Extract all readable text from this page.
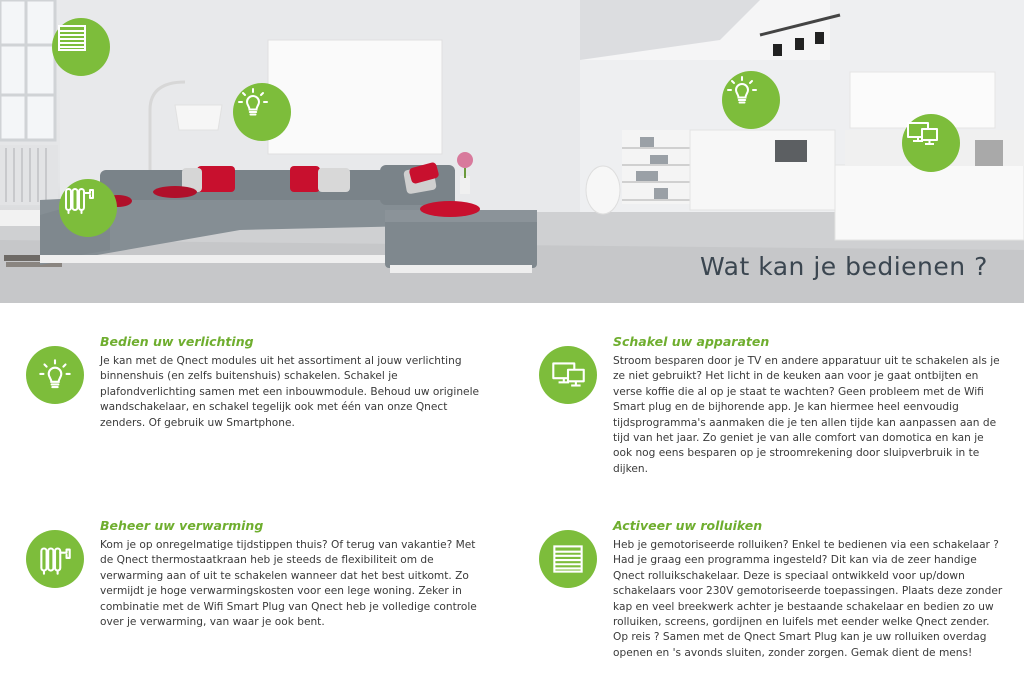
Wat kan je bedienen ?
Bedien uw verlichting
Je kan met de Qnect modules uit het assortiment al jouw verlichting binnenshuis (en zelfs buitenshuis) schakelen. Schakel je plafondverlichting samen met een inbouwmodule. Behoud uw originele wandschakelaar, en schakel tegelijk ook met één van onze Qnect zenders. Of gebruik uw Smartphone.
Schakel uw apparaten
Stroom besparen door je TV en andere apparatuur uit te schakelen als je ze niet gebruikt? Het licht in de keuken aan voor je gaat ontbijten en verse koffie die al op je staat te wachten? Geen probleem met de Wifi Smart plug en de bijhorende app. Je kan hiermee heel eenvoudig tijdsprogramma's aanmaken die je ten allen tijde kan aanpassen aan de tijd van het jaar. Zo geniet je van alle comfort van domotica en kan je ook nog eens besparen op je stroomrekening door sluipverbruik in te dijken.
Beheer uw verwarming
Kom je op onregelmatige tijdstippen thuis? Of terug van vakantie? Met de Qnect thermostaatkraan heb je steeds de flexibiliteit om de verwarming aan of uit te schakelen wanneer dat het best uitkomt. Zo vermijdt je hoge verwarmingskosten voor een lege woning. Zeker in combinatie met de Wifi Smart Plug van Qnect heb je volledige controle over je verwarming, van waar je ook bent.
Activeer uw rolluiken
Heb je gemotoriseerde rolluiken? Enkel te bedienen via een schakelaar ? Had je graag een programma ingesteld? Dit kan via de zeer handige Qnect rolluikschakelaar. Deze is speciaal ontwikkeld voor up/down schakelaars voor 230V gemotoriseerde toepassingen. Plaats deze zonder kap en veel breekwerk achter je bestaande schakelaar en bedien zo uw rolluiken, screens, gordijnen en luifels met eender welke Qnect zender. Op reis ? Samen met de Qnect Smart Plug kan je uw rolluiken overdag openen en 's avonds sluiten, zonder zorgen. Gemak dient de mens!
